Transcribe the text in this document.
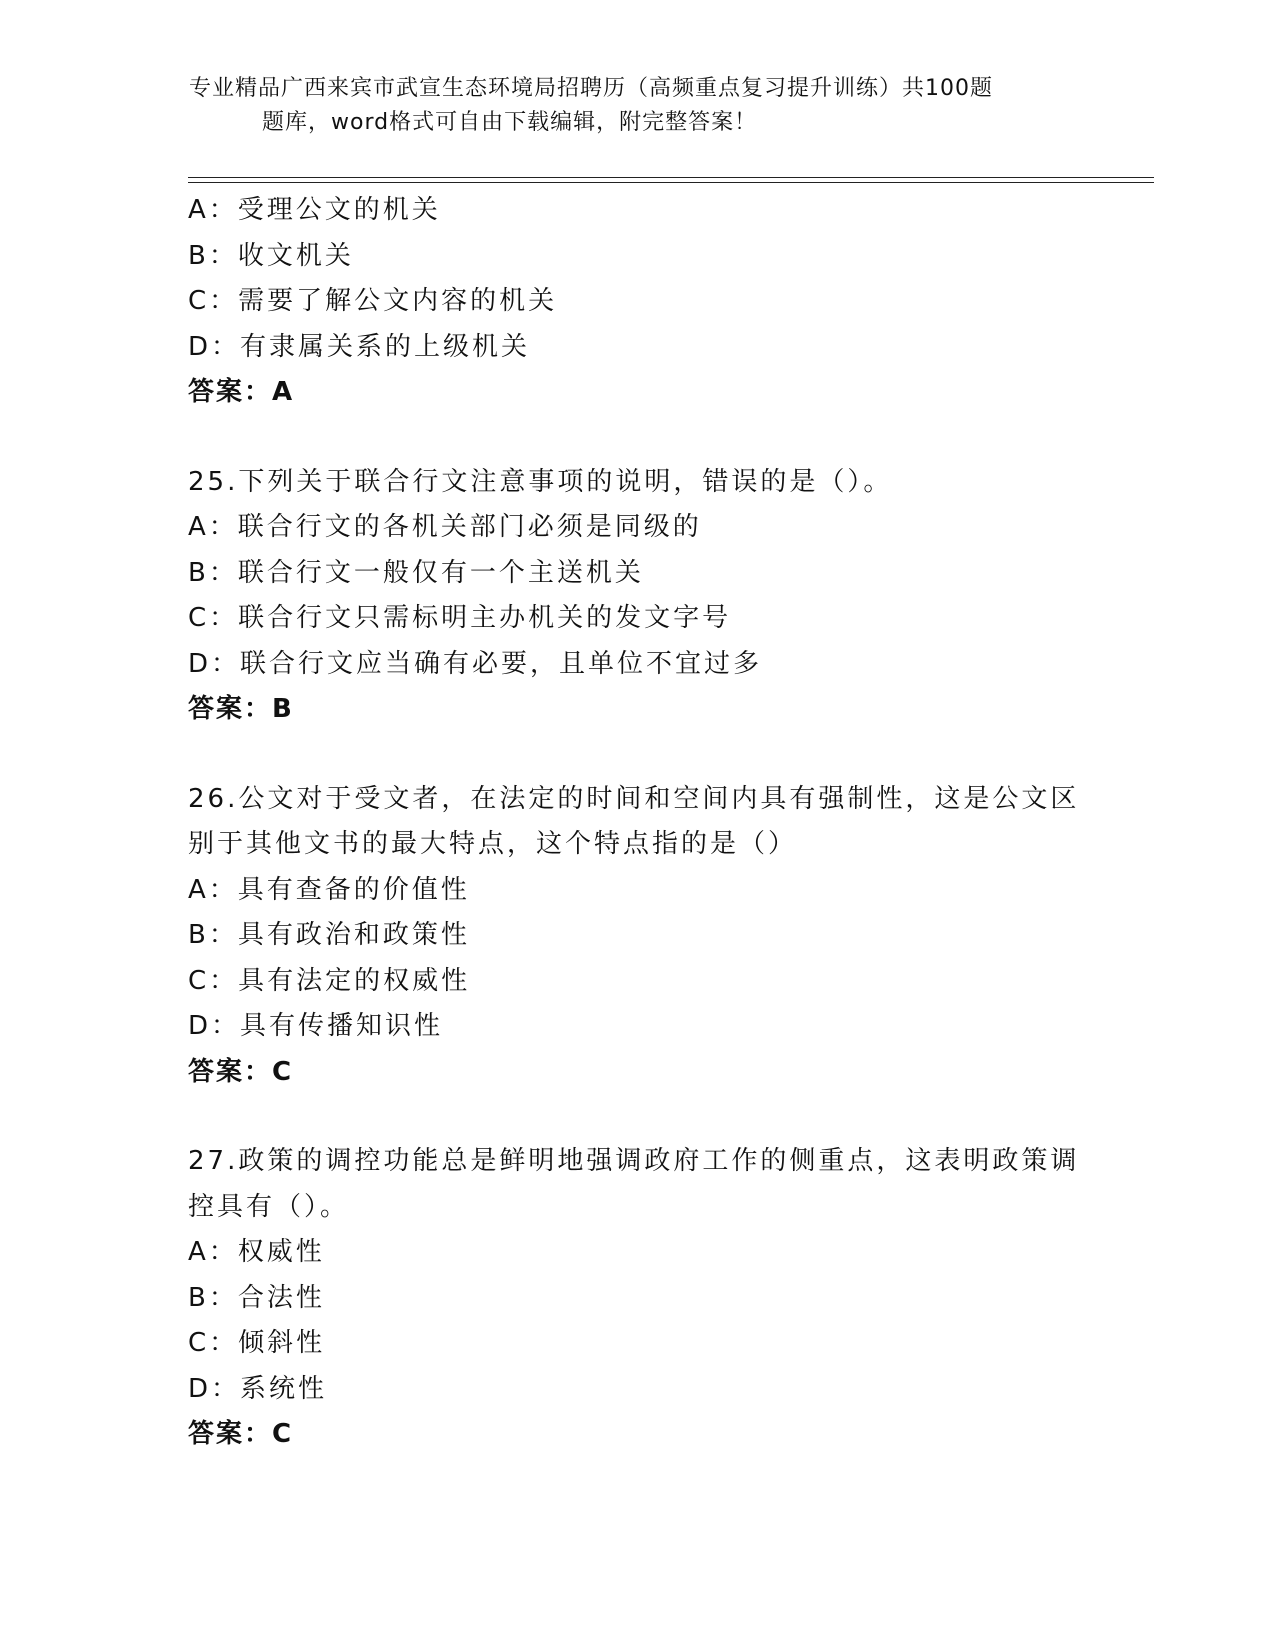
专业精品广西来宾市武宣生态环境局招聘历（高频重点复习提升训练）共100题
题库，word格式可自由下载编辑，附完整答案！
A：受理公文的机关
B：收文机关
C：需要了解公文内容的机关
D：有隶属关系的上级机关
答案：A
25.下列关于联合行文注意事项的说明，错误的是（）。
A：联合行文的各机关部门必须是同级的
B：联合行文一般仅有一个主送机关
C：联合行文只需标明主办机关的发文字号
D：联合行文应当确有必要，且单位不宜过多
答案：B
26.公文对于受文者，在法定的时间和空间内具有强制性，这是公文区
别于其他文书的最大特点，这个特点指的是（）
A：具有查备的价值性
B：具有政治和政策性
C：具有法定的权威性
D：具有传播知识性
答案：C
27.政策的调控功能总是鲜明地强调政府工作的侧重点，这表明政策调
控具有（）。
A：权威性
B：合法性
C：倾斜性
D：系统性
答案：C
